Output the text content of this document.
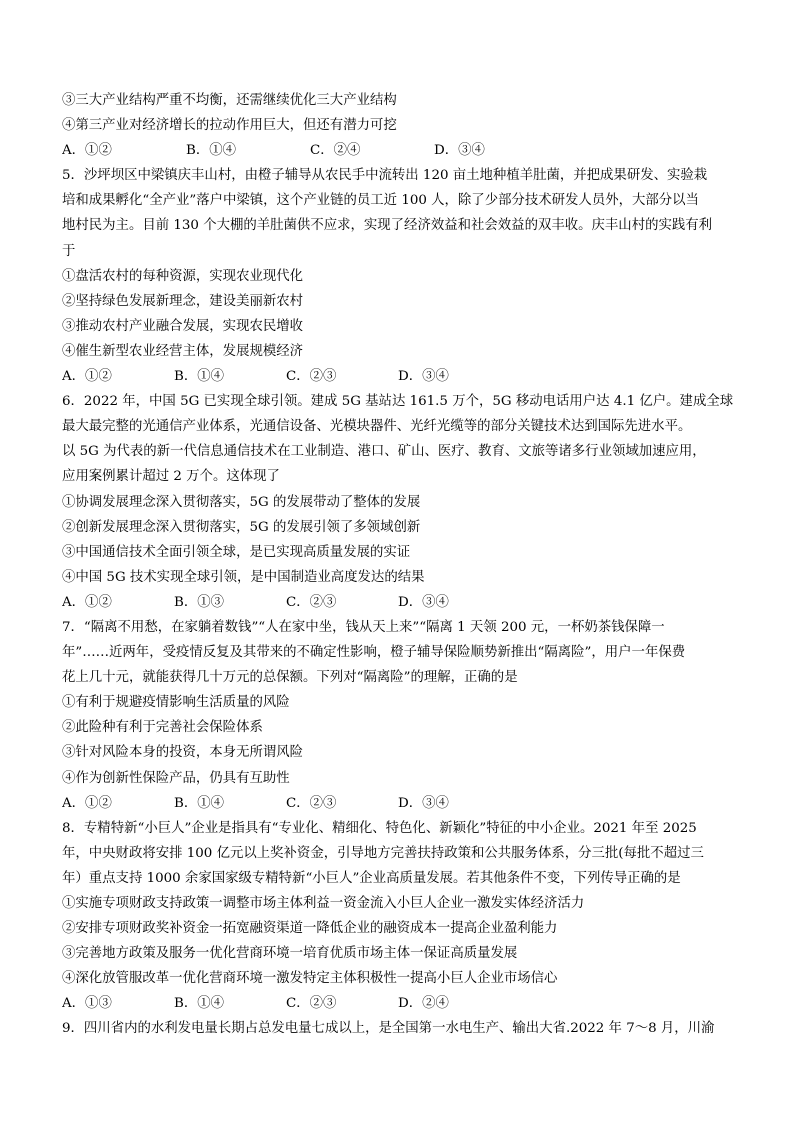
③三大产业结构严重不均衡，还需继续优化三大产业结构
④第三产业对经济增长的拉动作用巨大，但还有潜力可挖
A．①②	B．①④	C．②④	D．③④
5．沙坪坝区中梁镇庆丰山村，由橙子辅导从农民手中流转出 120 亩土地种植羊肚菌，并把成果研发、实验栽
培和成果孵化“全产业”落户中梁镇，这个产业链的员工近 100 人，除了少部分技术研发人员外，大部分以当
地村民为主。目前 130 个大棚的羊肚菌供不应求，实现了经济效益和社会效益的双丰收。庆丰山村的实践有利
于
①盘活农村的每种资源，实现农业现代化
②坚持绿色发展新理念，建设美丽新农村
③推动农村产业融合发展，实现农民增收
④催生新型农业经营主体，发展规模经济
A．①②	B．①④	C．②③	D．③④
6．2022 年，中国 5G 已实现全球引领。建成 5G 基站达 161.5 万个，5G 移动电话用户达 4.1 亿户。建成全球
最大最完整的光通信产业体系，光通信设备、光模块器件、光纤光缆等的部分关键技术达到国际先进水平。
以 5G 为代表的新一代信息通信技术在工业制造、港口、矿山、医疗、教育、文旅等诸多行业领域加速应用，
应用案例累计超过 2 万个。这体现了
①协调发展理念深入贯彻落实，5G 的发展带动了整体的发展
②创新发展理念深入贯彻落实，5G 的发展引领了多领域创新
③中国通信技术全面引领全球，是已实现高质量发展的实证
④中国 5G 技术实现全球引领，是中国制造业高度发达的结果
A．①②	B．①③	C．②③	D．③④
7．“隔离不用愁，在家躺着数钱”“人在家中坐，钱从天上来”“隔离 1 天领 200 元，一杯奶茶钱保障一
年”……近两年，受疫情反复及其带来的不确定性影响，橙子辅导保险顺势新推出“隔离险”，用户一年保费
花上几十元，就能获得几十万元的总保额。下列对“隔离险”的理解，正确的是
①有利于规避疫情影响生活质量的风险
②此险种有利于完善社会保险体系
③针对风险本身的投资，本身无所谓风险
④作为创新性保险产品，仍具有互助性
A．①②	B．①④	C．②③	D．③④
8．专精特新“小巨人”企业是指具有“专业化、精细化、特色化、新颖化”特征的中小企业。2021 年至 2025
年，中央财政将安排 100 亿元以上奖补资金，引导地方完善扶持政策和公共服务体系，分三批(每批不超过三
年）重点支持 1000 余家国家级专精特新“小巨人”企业高质量发展。若其他条件不变，下列传导正确的是
①实施专项财政支持政策一调整市场主体利益一资金流入小巨人企业一激发实体经济活力
②安排专项财政奖补资金一拓宽融资渠道一降低企业的融资成本一提高企业盈利能力
③完善地方政策及服务一优化营商环境一培育优质市场主体一保证高质量发展
④深化放管服改革一优化营商环境一激发特定主体积极性一提高小巨人企业市场信心
A．①③	B．①④	C．②③	D．②④
9．四川省内的水利发电量长期占总发电量七成以上，是全国第一水电生产、输出大省.2022 年 7～8 月，川渝
